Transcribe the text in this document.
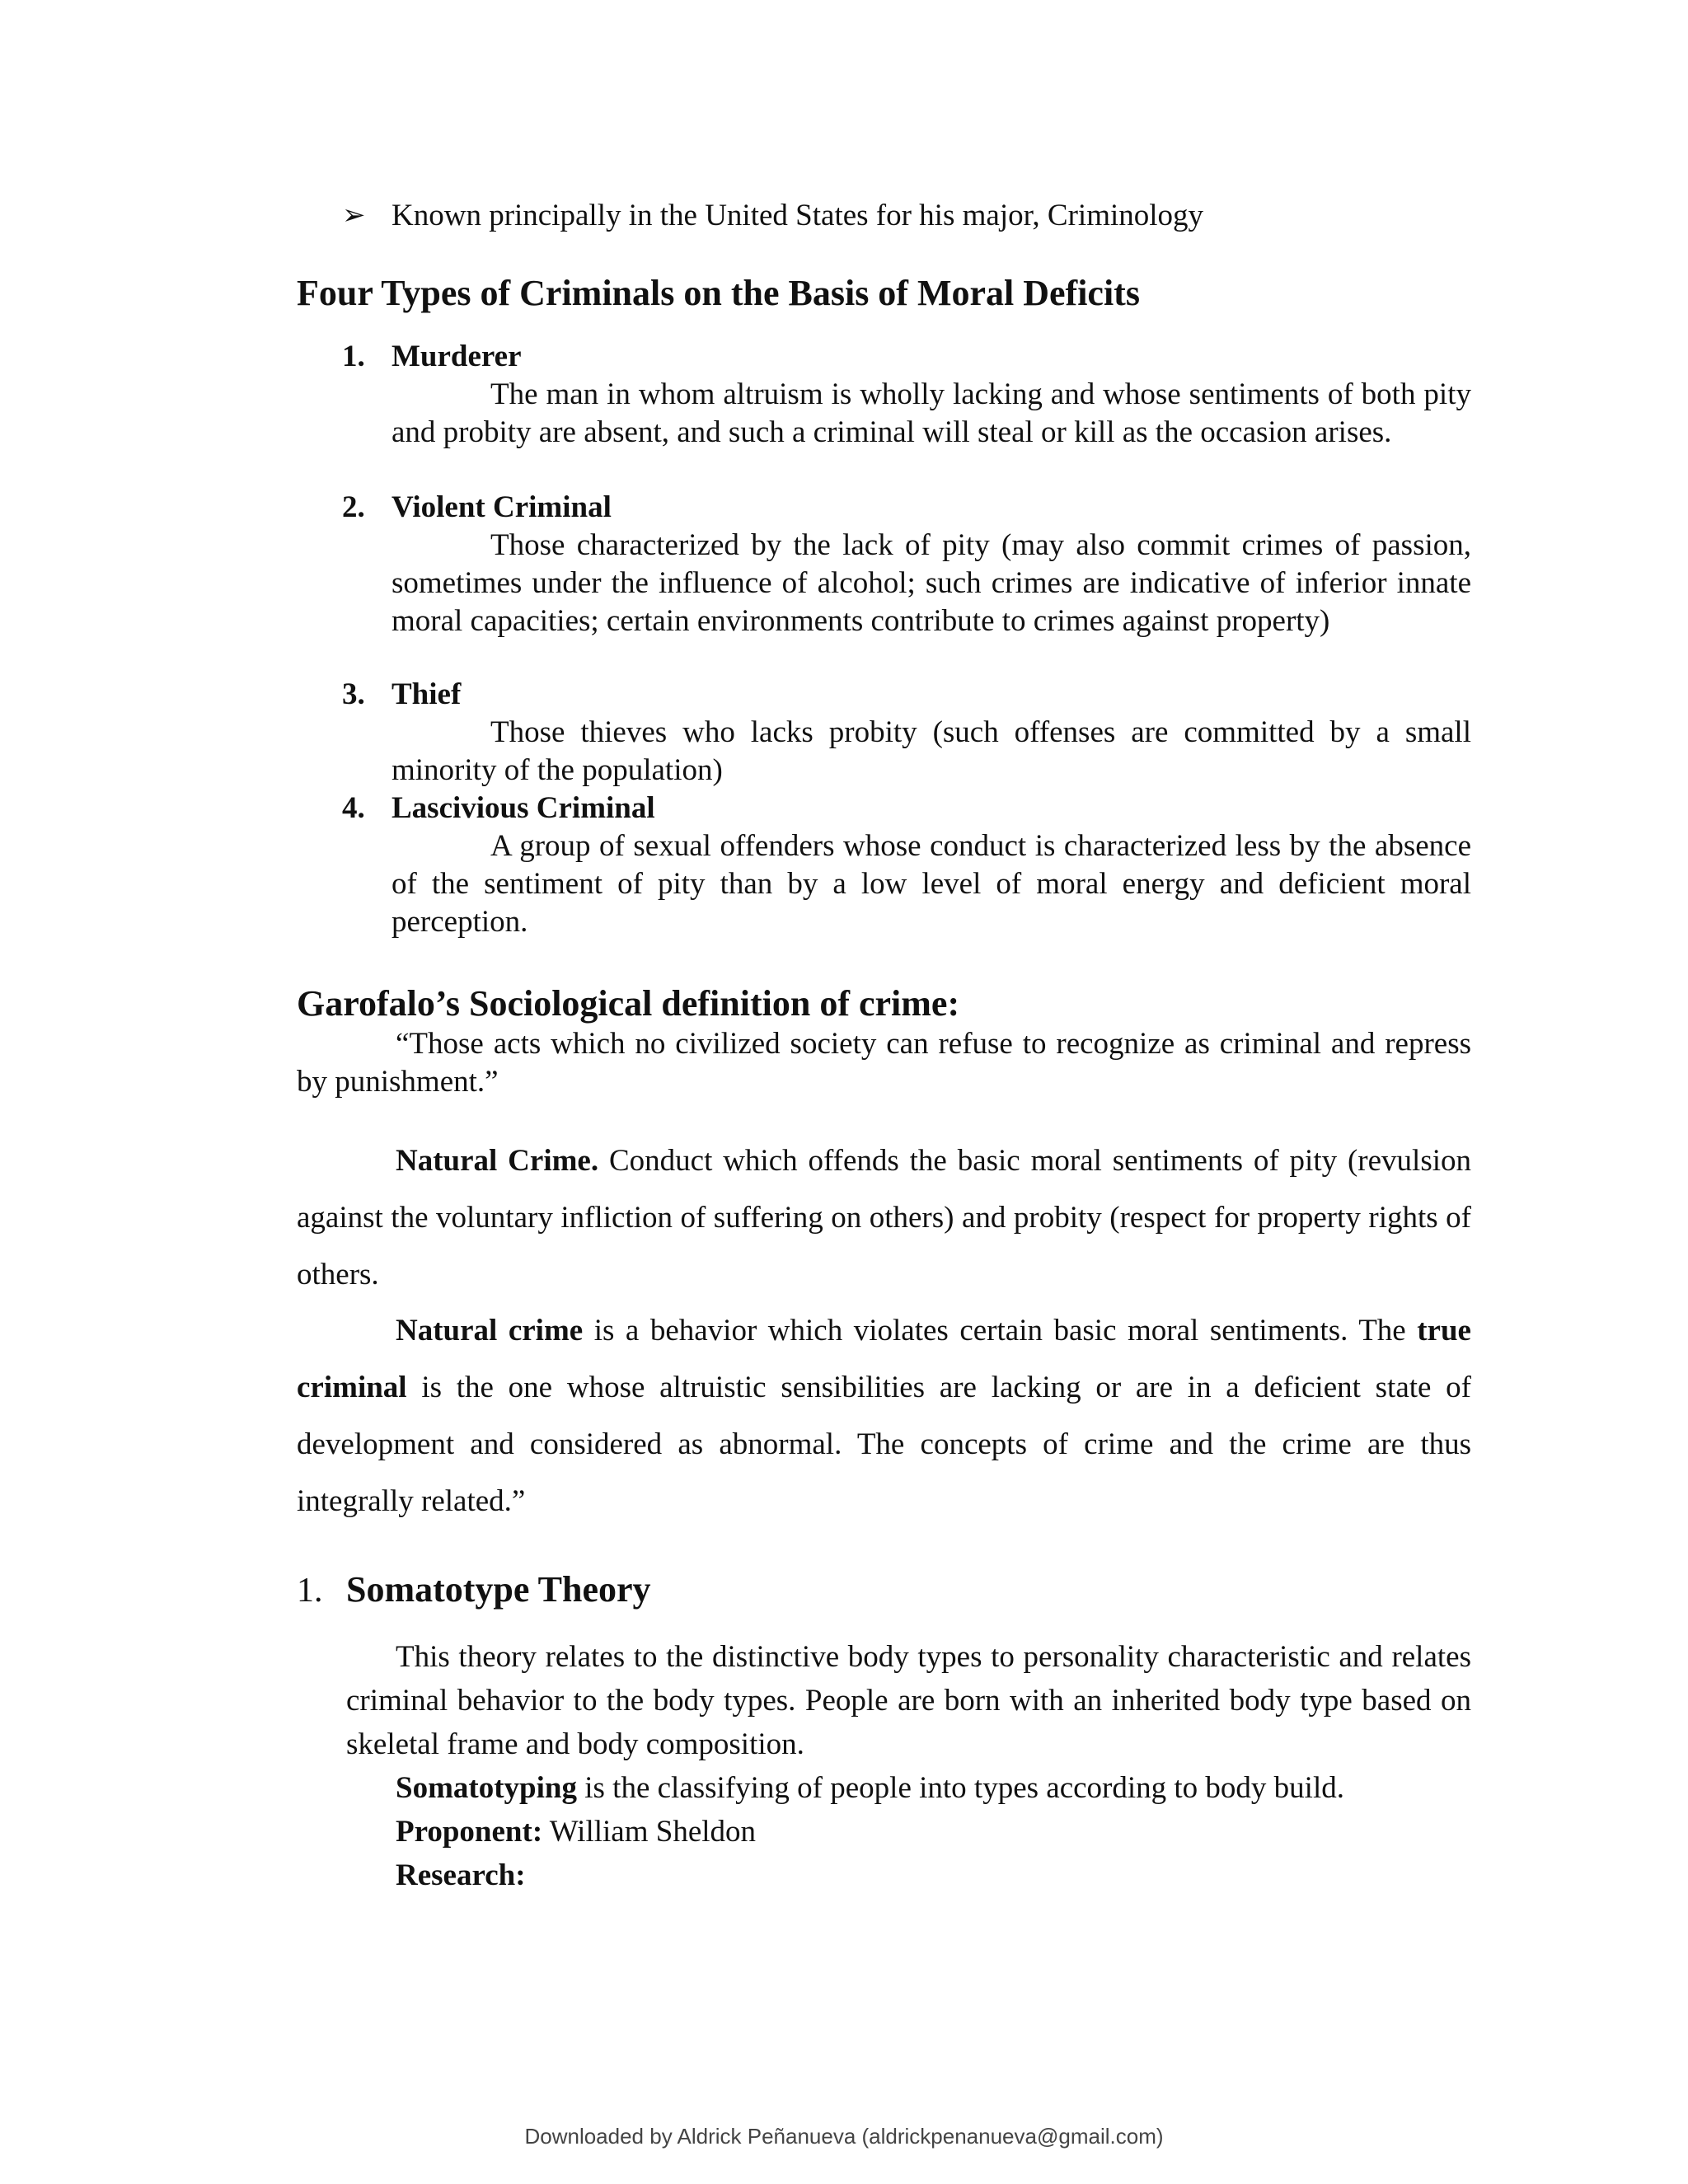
➢ Known principally in the United States for his major, Criminology
Four Types of Criminals on the Basis of Moral Deficits
1. Murderer
The man in whom altruism is wholly lacking and whose sentiments of both pity and probity are absent, and such a criminal will steal or kill as the occasion arises.
2. Violent Criminal
Those characterized by the lack of pity (may also commit crimes of passion, sometimes under the influence of alcohol; such crimes are indicative of inferior innate moral capacities; certain environments contribute to crimes against property)
3. Thief
Those thieves who lacks probity (such offenses are committed by a small minority of the population)
4. Lascivious Criminal
A group of sexual offenders whose conduct is characterized less by the absence of the sentiment of pity than by a low level of moral energy and deficient moral perception.
Garofalo’s Sociological definition of crime:
“Those acts which no civilized society can refuse to recognize as criminal and repress by punishment.”
Natural Crime. Conduct which offends the basic moral sentiments of pity (revulsion against the voluntary infliction of suffering on others) and probity (respect for property rights of others.
Natural crime is a behavior which violates certain basic moral sentiments. The true criminal is the one whose altruistic sensibilities are lacking or are in a deficient state of development and considered as abnormal. The concepts of crime and the crime are thus integrally related.”
1. Somatotype Theory
This theory relates to the distinctive body types to personality characteristic and relates criminal behavior to the body types. People are born with an inherited body type based on skeletal frame and body composition.
Somatotyping is the classifying of people into types according to body build.
Proponent: William Sheldon
Research:
Downloaded by Aldrick Peñanueva (aldrickpenanueva@gmail.com)
